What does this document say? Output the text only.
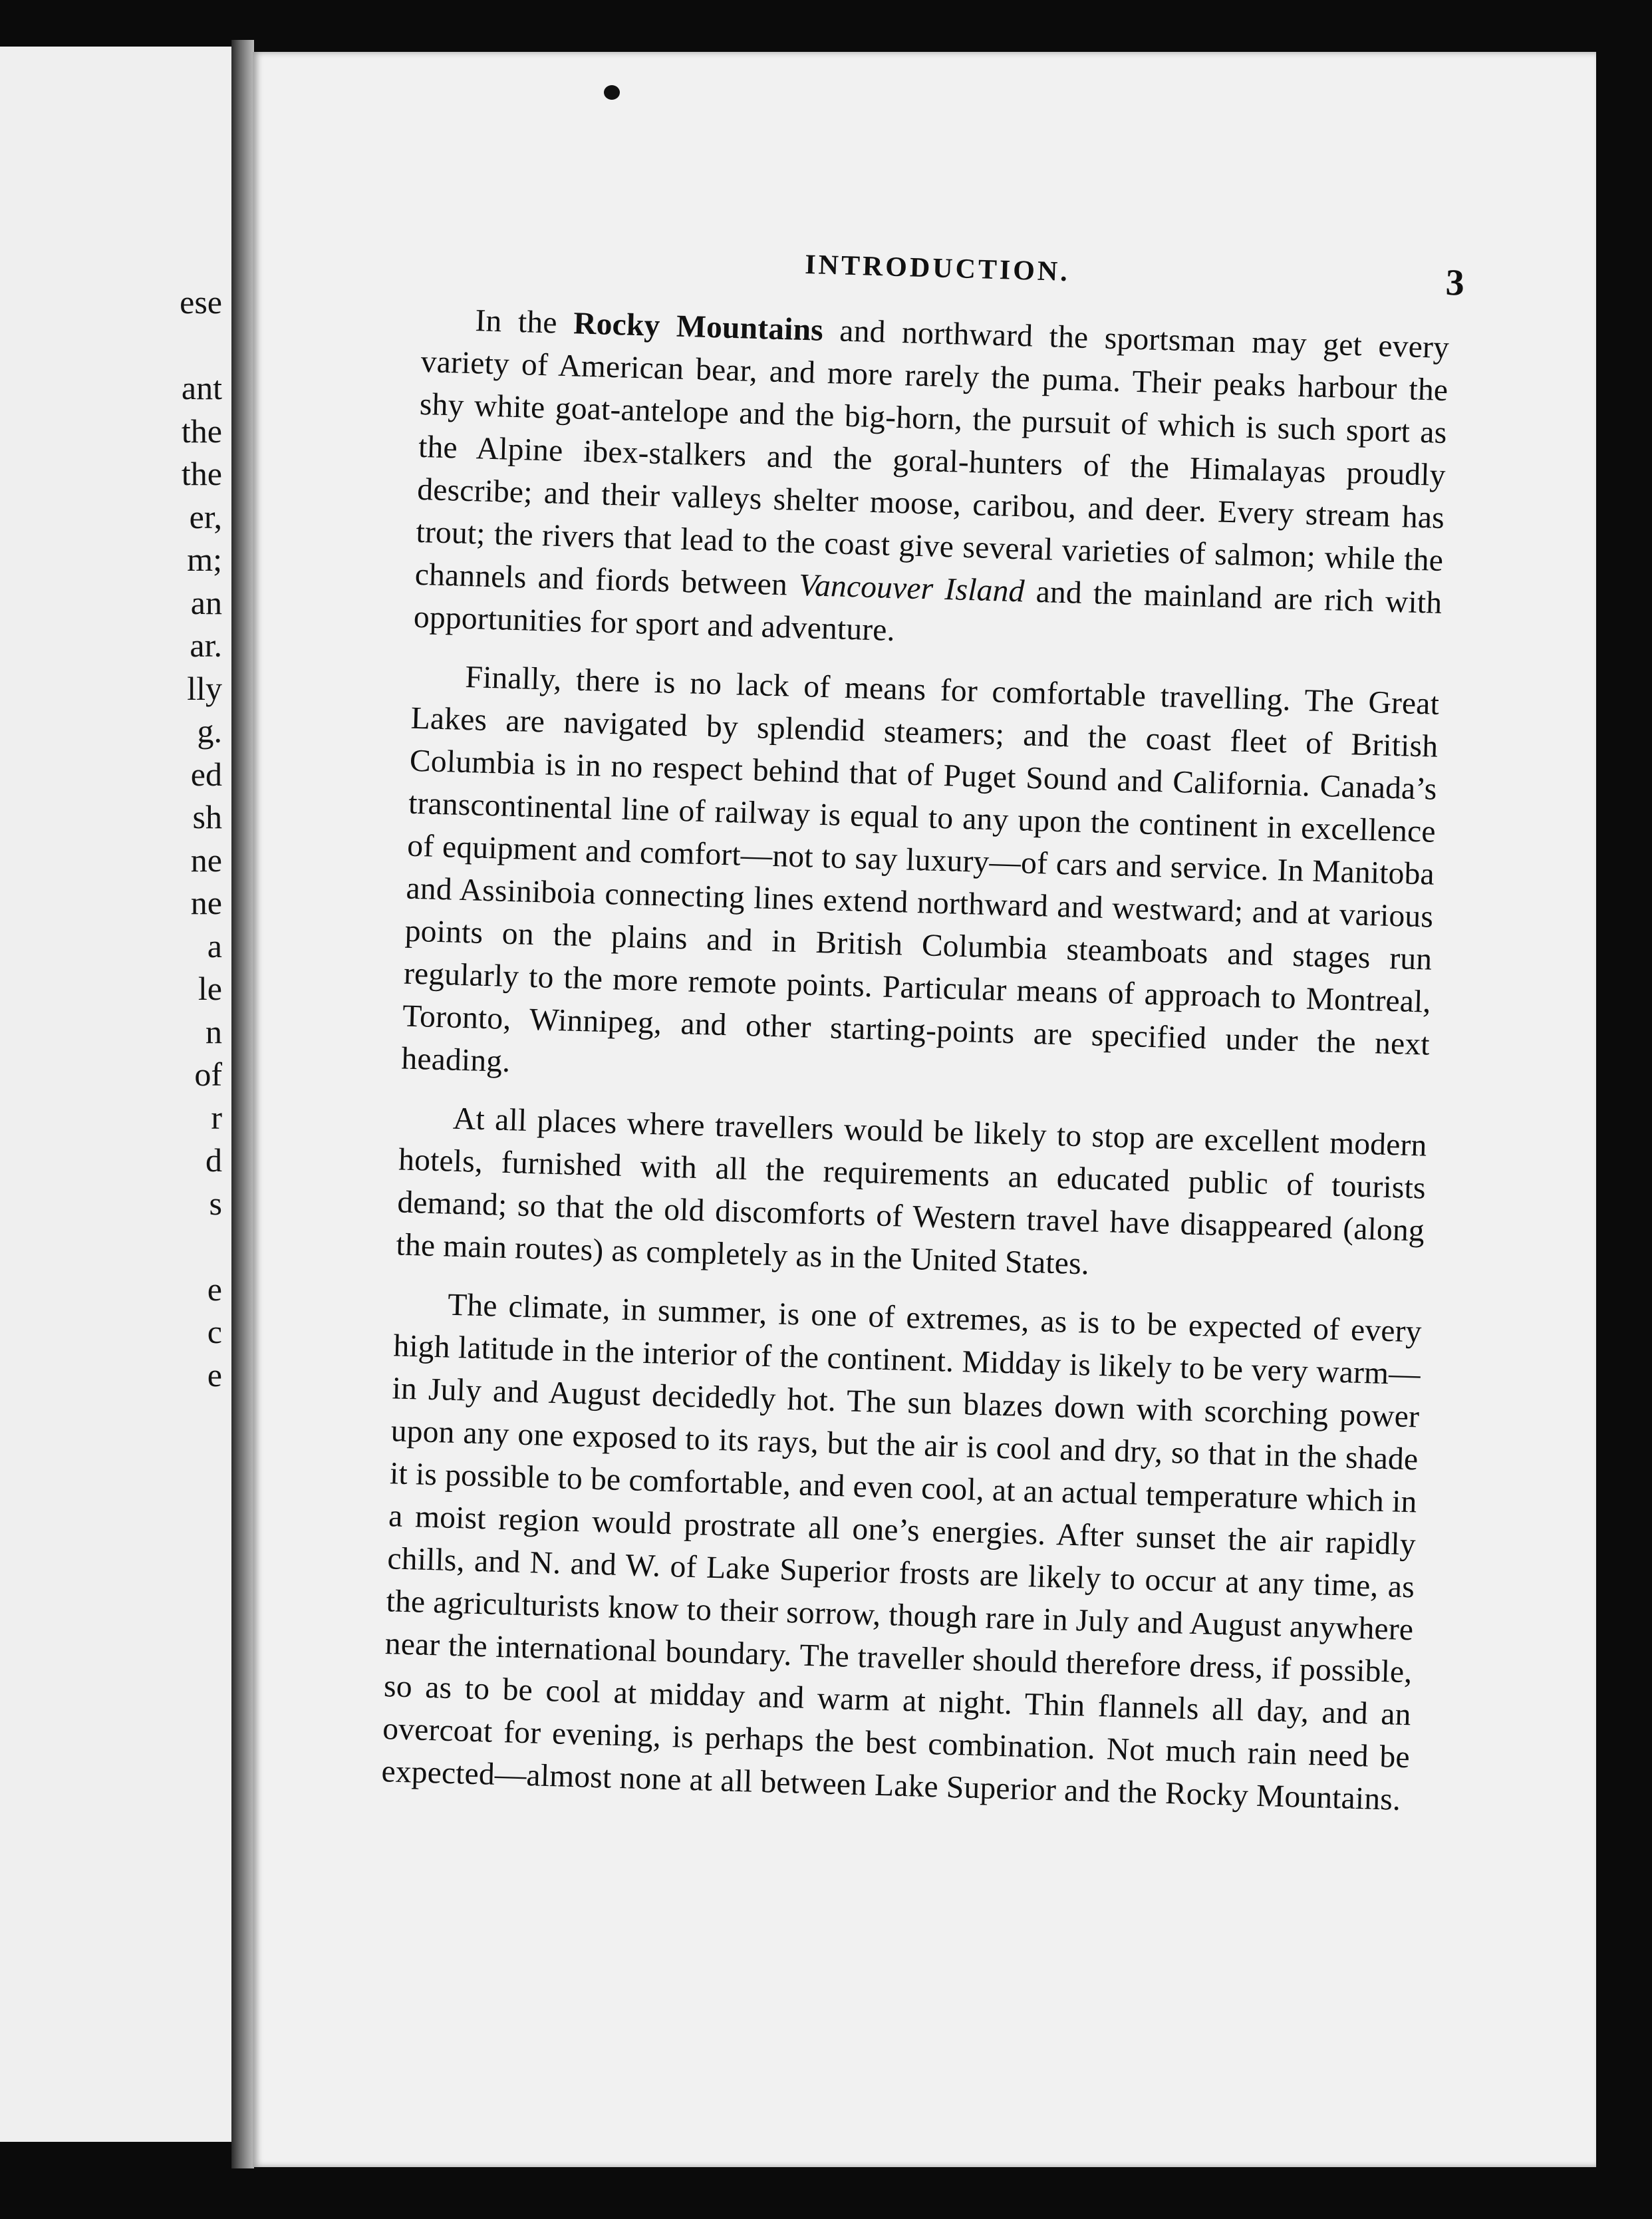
ese

ant
the
the
er,
m;
an
ar.
lly
g.
ed
sh
ne
ne
a
le
n
of
r
d
s

e
c
e
INTRODUCTION.	3

In the Rocky Mountains and northward the sportsman may get every variety of American bear, and more rarely the puma. Their peaks harbour the shy white goat-antelope and the big-horn, the pursuit of which is such sport as the Alpine ibex-stalkers and the goral-hunters of the Himalayas proudly describe; and their valleys shelter moose, caribou, and deer. Every stream has trout; the rivers that lead to the coast give several varieties of salmon; while the channels and fiords between Vancouver Island and the mainland are rich with opportunities for sport and adventure.

Finally, there is no lack of means for comfortable travelling. The Great Lakes are navigated by splendid steamers; and the coast fleet of British Columbia is in no respect behind that of Puget Sound and California. Canada’s transcontinental line of railway is equal to any upon the continent in excellence of equipment and comfort—not to say luxury—of cars and service. In Manitoba and Assiniboia connecting lines extend northward and westward; and at various points on the plains and in British Columbia steamboats and stages run regularly to the more remote points. Particular means of approach to Montreal, Toronto, Winnipeg, and other starting-points are specified under the next heading.

At all places where travellers would be likely to stop are excellent modern hotels, furnished with all the requirements an educated public of tourists demand; so that the old discomforts of Western travel have disappeared (along the main routes) as completely as in the United States.

The climate, in summer, is one of extremes, as is to be expected of every high latitude in the interior of the continent. Midday is likely to be very warm—in July and August decidedly hot. The sun blazes down with scorching power upon any one exposed to its rays, but the air is cool and dry, so that in the shade it is possible to be comfortable, and even cool, at an actual temperature which in a moist region would prostrate all one’s energies. After sunset the air rapidly chills, and N. and W. of Lake Superior frosts are likely to occur at any time, as the agriculturists know to their sorrow, though rare in July and August anywhere near the international boundary. The traveller should therefore dress, if possible, so as to be cool at midday and warm at night. Thin flannels all day, and an overcoat for evening, is perhaps the best combination. Not much rain need be expected—almost none at all between Lake Superior and the Rocky Mountains.
